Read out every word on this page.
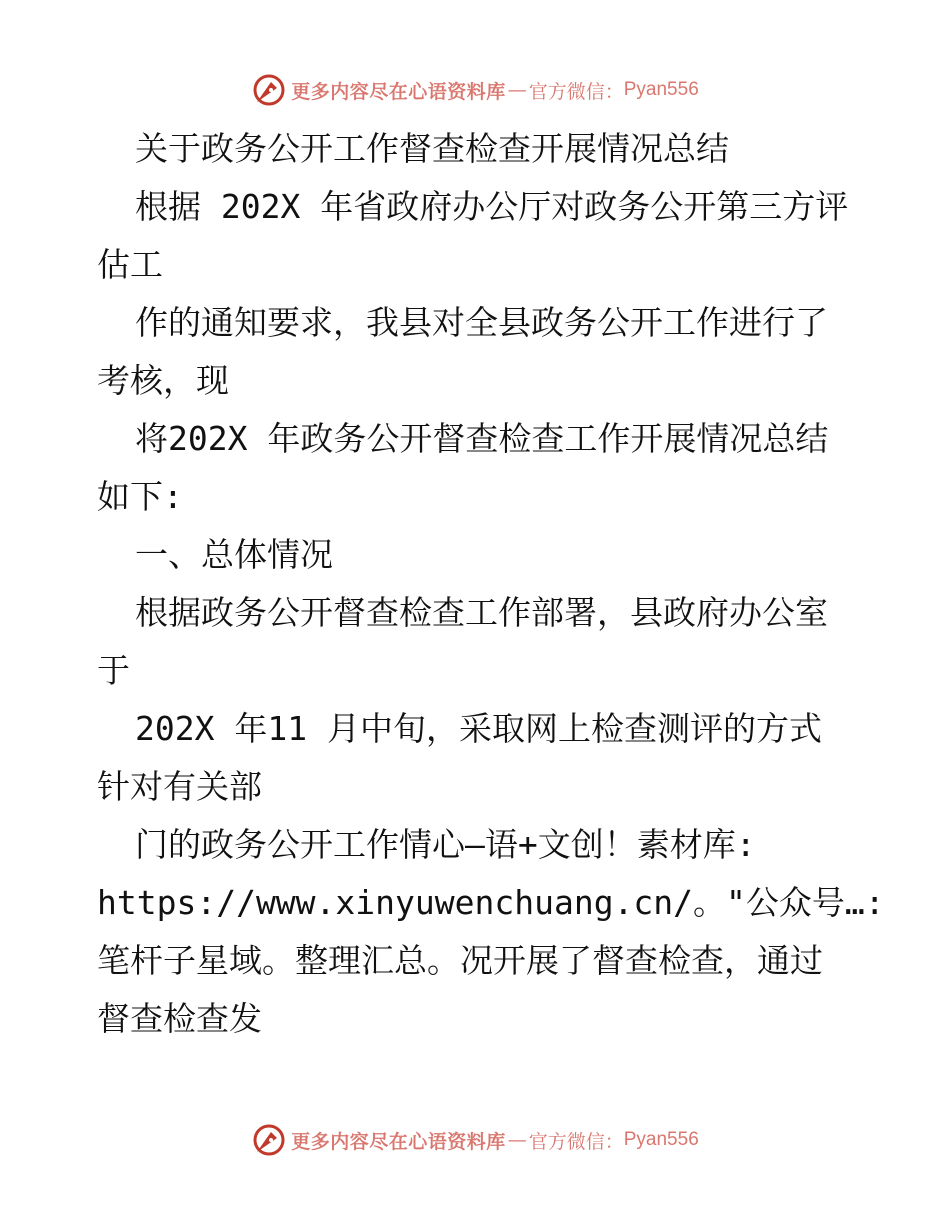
更多内容尽在心语资料库 — 官方微信： Pyan556
关于政务公开工作督查检查开展情况总结
根据 202X 年省政府办公厅对政务公开第三方评
估工
作的通知要求，我县对全县政务公开工作进行了
考核，现
将202X 年政务公开督查检查工作开展情况总结
如下:
一、总体情况
根据政务公开督查检查工作部署，县政府办公室
于
202X 年11 月中旬，采取网上检查测评的方式
针对有关部
门的政务公开工作情心—语+文创！素材库:
https://www.xinyuwenchuang.cn/。"公众号…:
笔杆子星域。整理汇总。况开展了督查检查，通过
督查检查发
更多内容尽在心语资料库 — 官方微信： Pyan556
